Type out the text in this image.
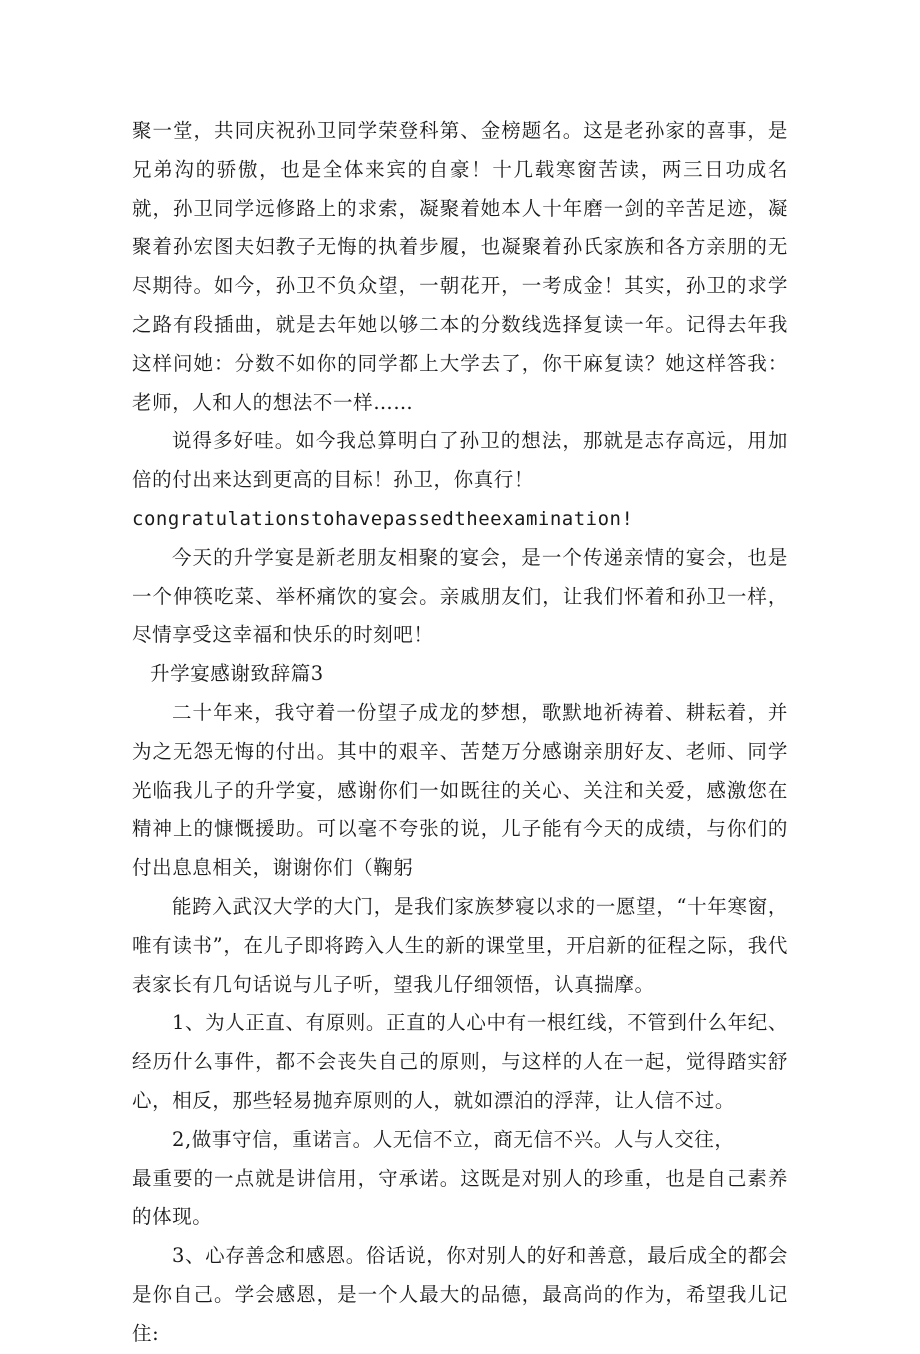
聚一堂，共同庆祝孙卫同学荣登科第、金榜题名。这是老孙家的喜事，是兄弟沟的骄傲，也是全体来宾的自豪！十几载寒窗苦读，两三日功成名就，孙卫同学远修路上的求索，凝聚着她本人十年磨一剑的辛苦足迹，凝聚着孙宏图夫妇教子无悔的执着步履，也凝聚着孙氏家族和各方亲朋的无尽期待。如今，孙卫不负众望，一朝花开，一考成金！其实，孙卫的求学之路有段插曲，就是去年她以够二本的分数线选择复读一年。记得去年我这样问她：分数不如你的同学都上大学去了，你干麻复读？她这样答我：老师，人和人的想法不一样……

说得多好哇。如今我总算明白了孙卫的想法，那就是志存高远，用加倍的付出来达到更高的目标！孙卫，你真行！

congratulationstohavepassedtheexamination!

今天的升学宴是新老朋友相聚的宴会，是一个传递亲情的宴会，也是一个伸筷吃菜、举杯痛饮的宴会。亲戚朋友们，让我们怀着和孙卫一样，尽情享受这幸福和快乐的时刻吧！

升学宴感谢致辞篇3

二十年来，我守着一份望子成龙的梦想，歌默地祈祷着、耕耘着，并为之无怨无悔的付出。其中的艰辛、苦楚万分感谢亲朋好友、老师、同学光临我儿子的升学宴，感谢你们一如既往的关心、关注和关爱，感激您在精神上的慷慨援助。可以毫不夸张的说，儿子能有今天的成绩，与你们的付出息息相关，谢谢你们（鞠躬

能跨入武汉大学的大门，是我们家族梦寝以求的一愿望，“十年寒窗，唯有读书”，在儿子即将跨入人生的新的课堂里，开启新的征程之际，我代表家长有几句话说与儿子听，望我儿仔细领悟，认真揣摩。

1、为人正直、有原则。正直的人心中有一根红线，不管到什么年纪、经历什么事件，都不会丧失自己的原则，与这样的人在一起，觉得踏实舒心，相反，那些轻易抛弃原则的人，就如漂泊的浮萍，让人信不过。

2,做事守信，重诺言。人无信不立，商无信不兴。人与人交往，

最重要的一点就是讲信用，守承诺。这既是对别人的珍重，也是自己素养的体现。

3、心存善念和感恩。俗话说，你对别人的好和善意，最后成全的都会是你自己。学会感恩，是一个人最大的品德，最高尚的作为，希望我儿记住:
